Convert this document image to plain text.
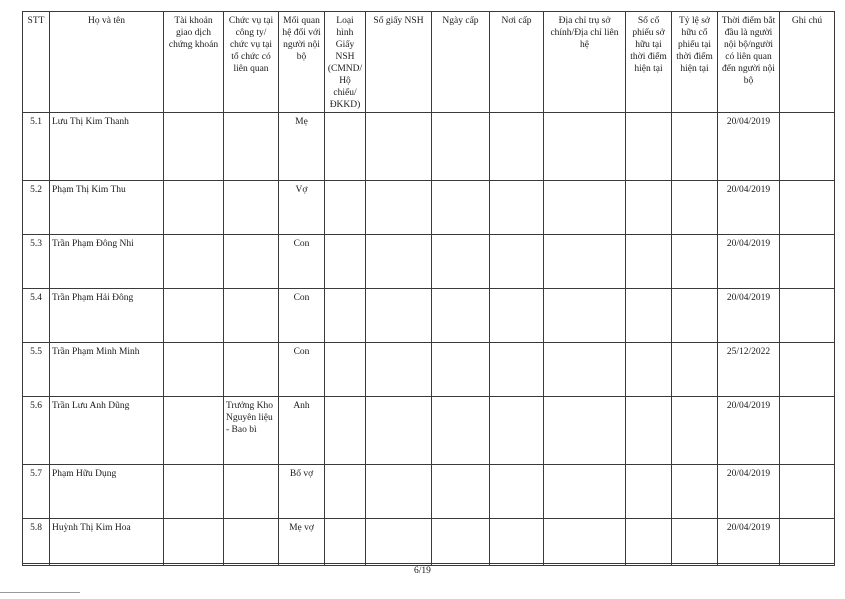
STT	Họ và tên	Tài khoản giao dịch chứng khoán	Chức vụ tại công ty/ chức vụ tại tổ chức có liên quan	Mối quan hệ đối với người nội bộ	Loại hình Giấy NSH (CMND/ Hộ chiếu/ ĐKKD)	Số giấy NSH	Ngày cấp	Nơi cấp	Địa chỉ trụ sở chính/Địa chỉ liên hệ	Số cổ phiếu sở hữu tại thời điểm hiện tại	Tỷ lệ sở hữu cổ phiếu tại thời điểm hiện tại	Thời điểm bắt đầu là người nội bộ/người có liên quan đến người nội bộ	Ghi chú
5.1	Lưu Thị Kim Thanh			Mẹ								20/04/2019	
5.2	Phạm Thị Kim Thu			Vợ								20/04/2019	
5.3	Trần Phạm Đông Nhi			Con								20/04/2019	
5.4	Trần Phạm Hải Đông			Con								20/04/2019	
5.5	Trần Phạm Minh Minh			Con								25/12/2022	
5.6	Trần Lưu Anh Dũng		Trưởng Kho Nguyên liệu - Bao bì	Anh								20/04/2019	
5.7	Phạm Hữu Dụng			Bố vợ								20/04/2019	
5.8	Huỳnh Thị Kim Hoa			Mẹ vợ								20/04/2019	
6/19
